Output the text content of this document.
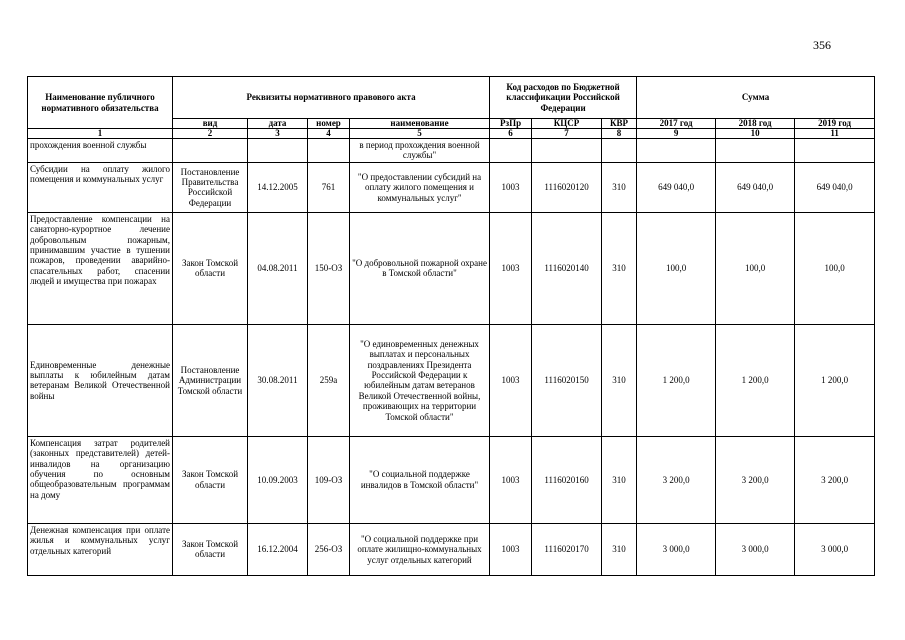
356
Наименование публичного нормативного обязательства	Реквизиты нормативного правового акта				Код расходов по Бюджетной классификации Российской Федерации			Сумма		
	вид	дата	номер	наименование	РзПр	КЦСР	КВР	2017 год	2018 год	2019 год
1	2	3	4	5	6	7	8	9	10	11
прохождения военной службы				в период прохождения военной службы"						
Субсидии на оплату жилого помещения и коммунальных услуг	Постановление Правительства Российской Федерации	14.12.2005	761	"О предоставлении субсидий на оплату жилого помещения и коммунальных услуг"	1003	1116020120	310	649 040,0	649 040,0	649 040,0
Предоставление компенсации на санаторно-курортное лечение добровольным пожарным, принимавшим участие в тушении пожаров, проведении аварийно-спасательных работ, спасении людей и имущества при пожарах	Закон Томской области	04.08.2011	150-ОЗ	"О добровольной пожарной охране в Томской области"	1003	1116020140	310	100,0	100,0	100,0
Единовременные денежные выплаты к юбилейным датам ветеранам Великой Отечественной войны	Постановление Администрации Томской области	30.08.2011	259а	"О единовременных денежных выплатах и персональных поздравлениях Президента Российской Федерации к юбилейным датам ветеранов Великой Отечественной войны, проживающих на территории Томской области"	1003	1116020150	310	1 200,0	1 200,0	1 200,0
Компенсация затрат родителей (законных представителей) детей-инвалидов на организацию обучения по основным общеобразовательным программам на дому	Закон Томской области	10.09.2003	109-ОЗ	"О социальной поддержке инвалидов в Томской области"	1003	1116020160	310	3 200,0	3 200,0	3 200,0
Денежная компенсация при оплате жилья и коммунальных услуг отдельных категорий	Закон Томской области	16.12.2004	256-ОЗ	"О социальной поддержке при оплате жилищно-коммунальных услуг отдельных категорий	1003	1116020170	310	3 000,0	3 000,0	3 000,0
